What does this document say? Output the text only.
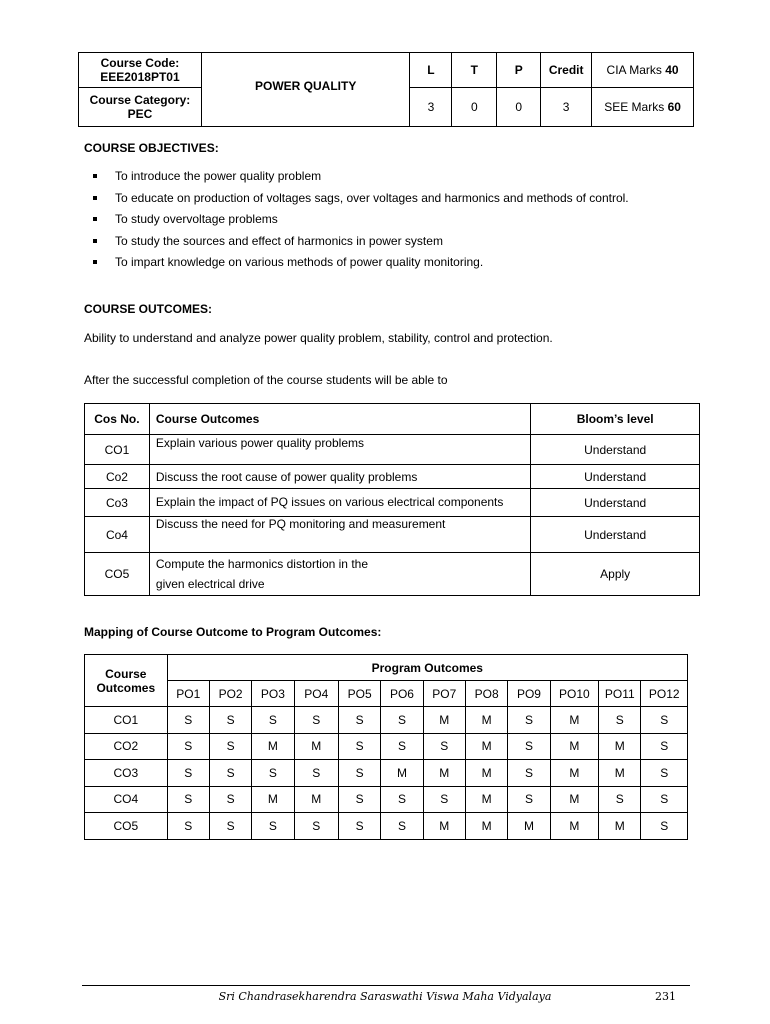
Course Code:
EEE2018PT01	POWER QUALITY	L	T	P	Credit	CIA Marks 40

Course Category:
PEC		3	0	0	3	SEE Marks 60
COURSE OBJECTIVES:
To introduce the power quality problem
To educate on production of voltages sags, over voltages and harmonics and methods of control.
To study overvoltage problems
To study the sources and effect of harmonics in power system
To impart knowledge on various methods of power quality monitoring.
COURSE OUTCOMES:
Ability to understand and analyze power quality problem, stability, control and protection.
After the successful completion of the course students will be able to
Cos No.	Course Outcomes	Bloom’s level
CO1	Explain various power quality problems	Understand
Co2	Discuss the root cause of power quality problems	Understand
Co3	Explain the impact of PQ issues on various electrical components	Understand
Co4	Discuss the need for PQ monitoring and measurement	Understand
CO5	Compute the harmonics distortion in the given electrical drive	Apply
Mapping of Course Outcome to Program Outcomes:
Course Outcomes	Program Outcomes											
	PO1	PO2	PO3	PO4	PO5	PO6	PO7	PO8	PO9	PO10	PO11	PO12
CO1	S	S	S	S	S	S	M	M	S	M	S	S
CO2	S	S	M	M	S	S	S	M	S	M	M	S
CO3	S	S	S	S	S	M	M	M	S	M	M	S
CO4	S	S	M	M	S	S	S	M	S	M	S	S
CO5	S	S	S	S	S	S	M	M	M	M	M	S
Sri Chandrasekharendra Saraswathi Viswa Maha Vidyalaya	231
